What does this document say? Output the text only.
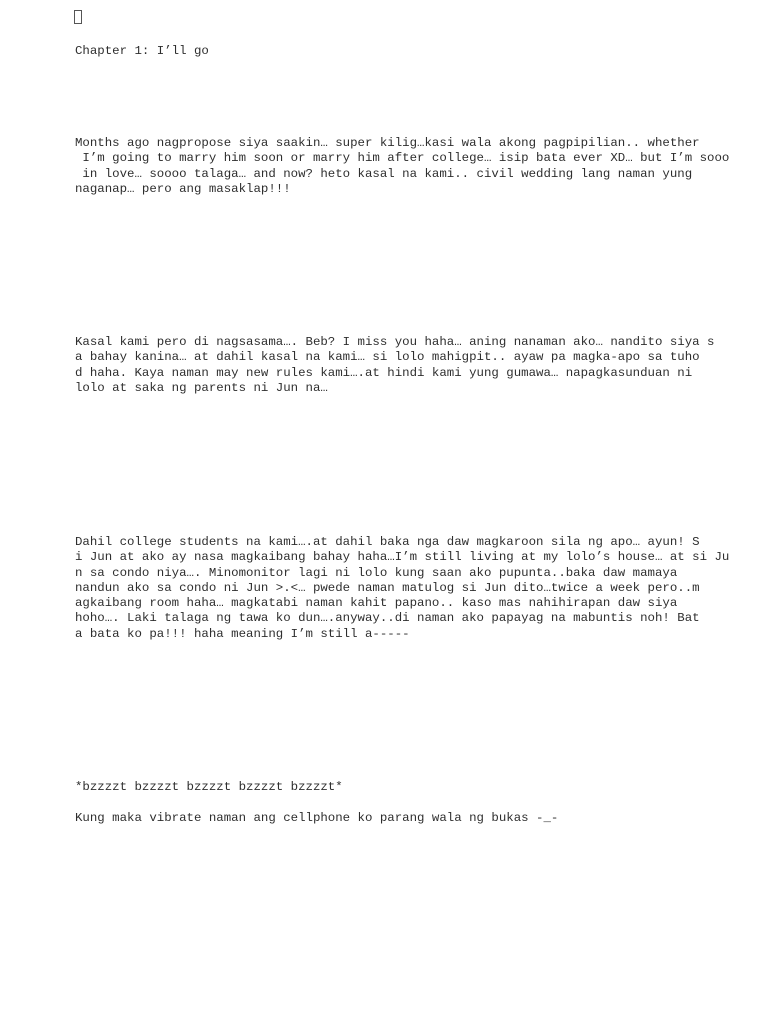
Chapter 1: I’ll go

Months ago nagpropose siya saakin… super kilig…kasi wala akong pagpipilian.. whether
I’m going to marry him soon or marry him after college… isip bata ever XD… but I’m sooo
in love… soooo talaga… and now? heto kasal na kami.. civil wedding lang naman yung
naganap… pero ang masaklap!!!
Kasal kami pero di nagsasama…. Beb? I miss you haha… aning nanaman ako… nandito siya s
a bahay kanina… at dahil kasal na kami… si lolo mahigpit.. ayaw pa magka-apo sa tuho
d haha. Kaya naman may new rules kami….at hindi kami yung gumawa… napagkasunduan ni
lolo at saka ng parents ni Jun na…
Dahil college students na kami….at dahil baka nga daw magkaroon sila ng apo… ayun! S
i Jun at ako ay nasa magkaibang bahay haha…I’m still living at my lolo’s house… at si Ju
n sa condo niya…. Minomonitor lagi ni lolo kung saan ako pupunta..baka daw mamaya
nandun ako sa condo ni Jun >.<… pwede naman matulog si Jun dito…twice a week pero..m
agkaibang room haha… magkatabi naman kahit papano.. kaso mas nahihirapan daw siya
hoho…. Laki talaga ng tawa ko dun….anyway..di naman ako papayag na mabuntis noh! Bat
a bata ko pa!!! haha meaning I’m still a-----

*bzzzzt bzzzzt bzzzzt bzzzzt bzzzzt*

Kung maka vibrate naman ang cellphone ko parang wala ng bukas -_-
